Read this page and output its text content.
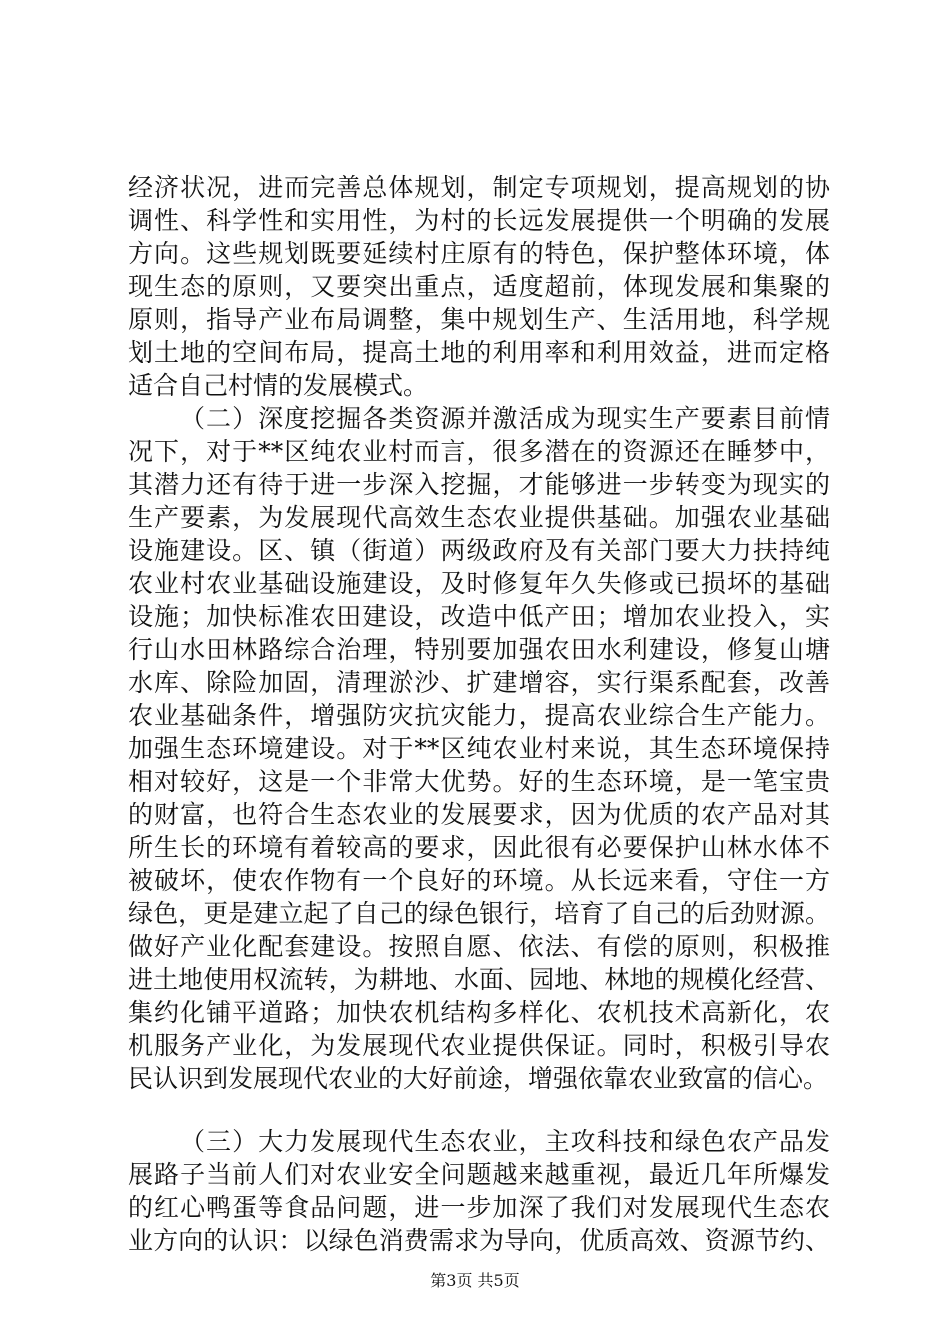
经济状况，进而完善总体规划，制定专项规划，提高规划的协
调性、科学性和实用性，为村的长远发展提供一个明确的发展
方向。这些规划既要延续村庄原有的特色，保护整体环境，体
现生态的原则，又要突出重点，适度超前，体现发展和集聚的
原则，指导产业布局调整，集中规划生产、生活用地，科学规
划土地的空间布局，提高土地的利用率和利用效益，进而定格
适合自己村情的发展模式。
（二）深度挖掘各类资源并激活成为现实生产要素目前情
况下，对于**区纯农业村而言，很多潜在的资源还在睡梦中，
其潜力还有待于进一步深入挖掘，才能够进一步转变为现实的
生产要素，为发展现代高效生态农业提供基础。加强农业基础
设施建设。区、镇（街道）两级政府及有关部门要大力扶持纯
农业村农业基础设施建设，及时修复年久失修或已损坏的基础
设施；加快标准农田建设，改造中低产田；增加农业投入，实
行山水田林路综合治理，特别要加强农田水利建设，修复山塘
水库、除险加固，清理淤沙、扩建增容，实行渠系配套，改善
农业基础条件，增强防灾抗灾能力，提高农业综合生产能力。
加强生态环境建设。对于**区纯农业村来说，其生态环境保持
相对较好，这是一个非常大优势。好的生态环境，是一笔宝贵
的财富，也符合生态农业的发展要求，因为优质的农产品对其
所生长的环境有着较高的要求，因此很有必要保护山林水体不
被破坏，使农作物有一个良好的环境。从长远来看，守住一方
绿色，更是建立起了自己的绿色银行，培育了自己的后劲财源。
做好产业化配套建设。按照自愿、依法、有偿的原则，积极推
进土地使用权流转，为耕地、水面、园地、林地的规模化经营、
集约化铺平道路；加快农机结构多样化、农机技术高新化，农
机服务产业化，为发展现代农业提供保证。同时，积极引导农
民认识到发展现代农业的大好前途，增强依靠农业致富的信心。
（三）大力发展现代生态农业，主攻科技和绿色农产品发
展路子当前人们对农业安全问题越来越重视，最近几年所爆发
的红心鸭蛋等食品问题，进一步加深了我们对发展现代生态农
业方向的认识：以绿色消费需求为导向，优质高效、资源节约、
第3页 共5页
